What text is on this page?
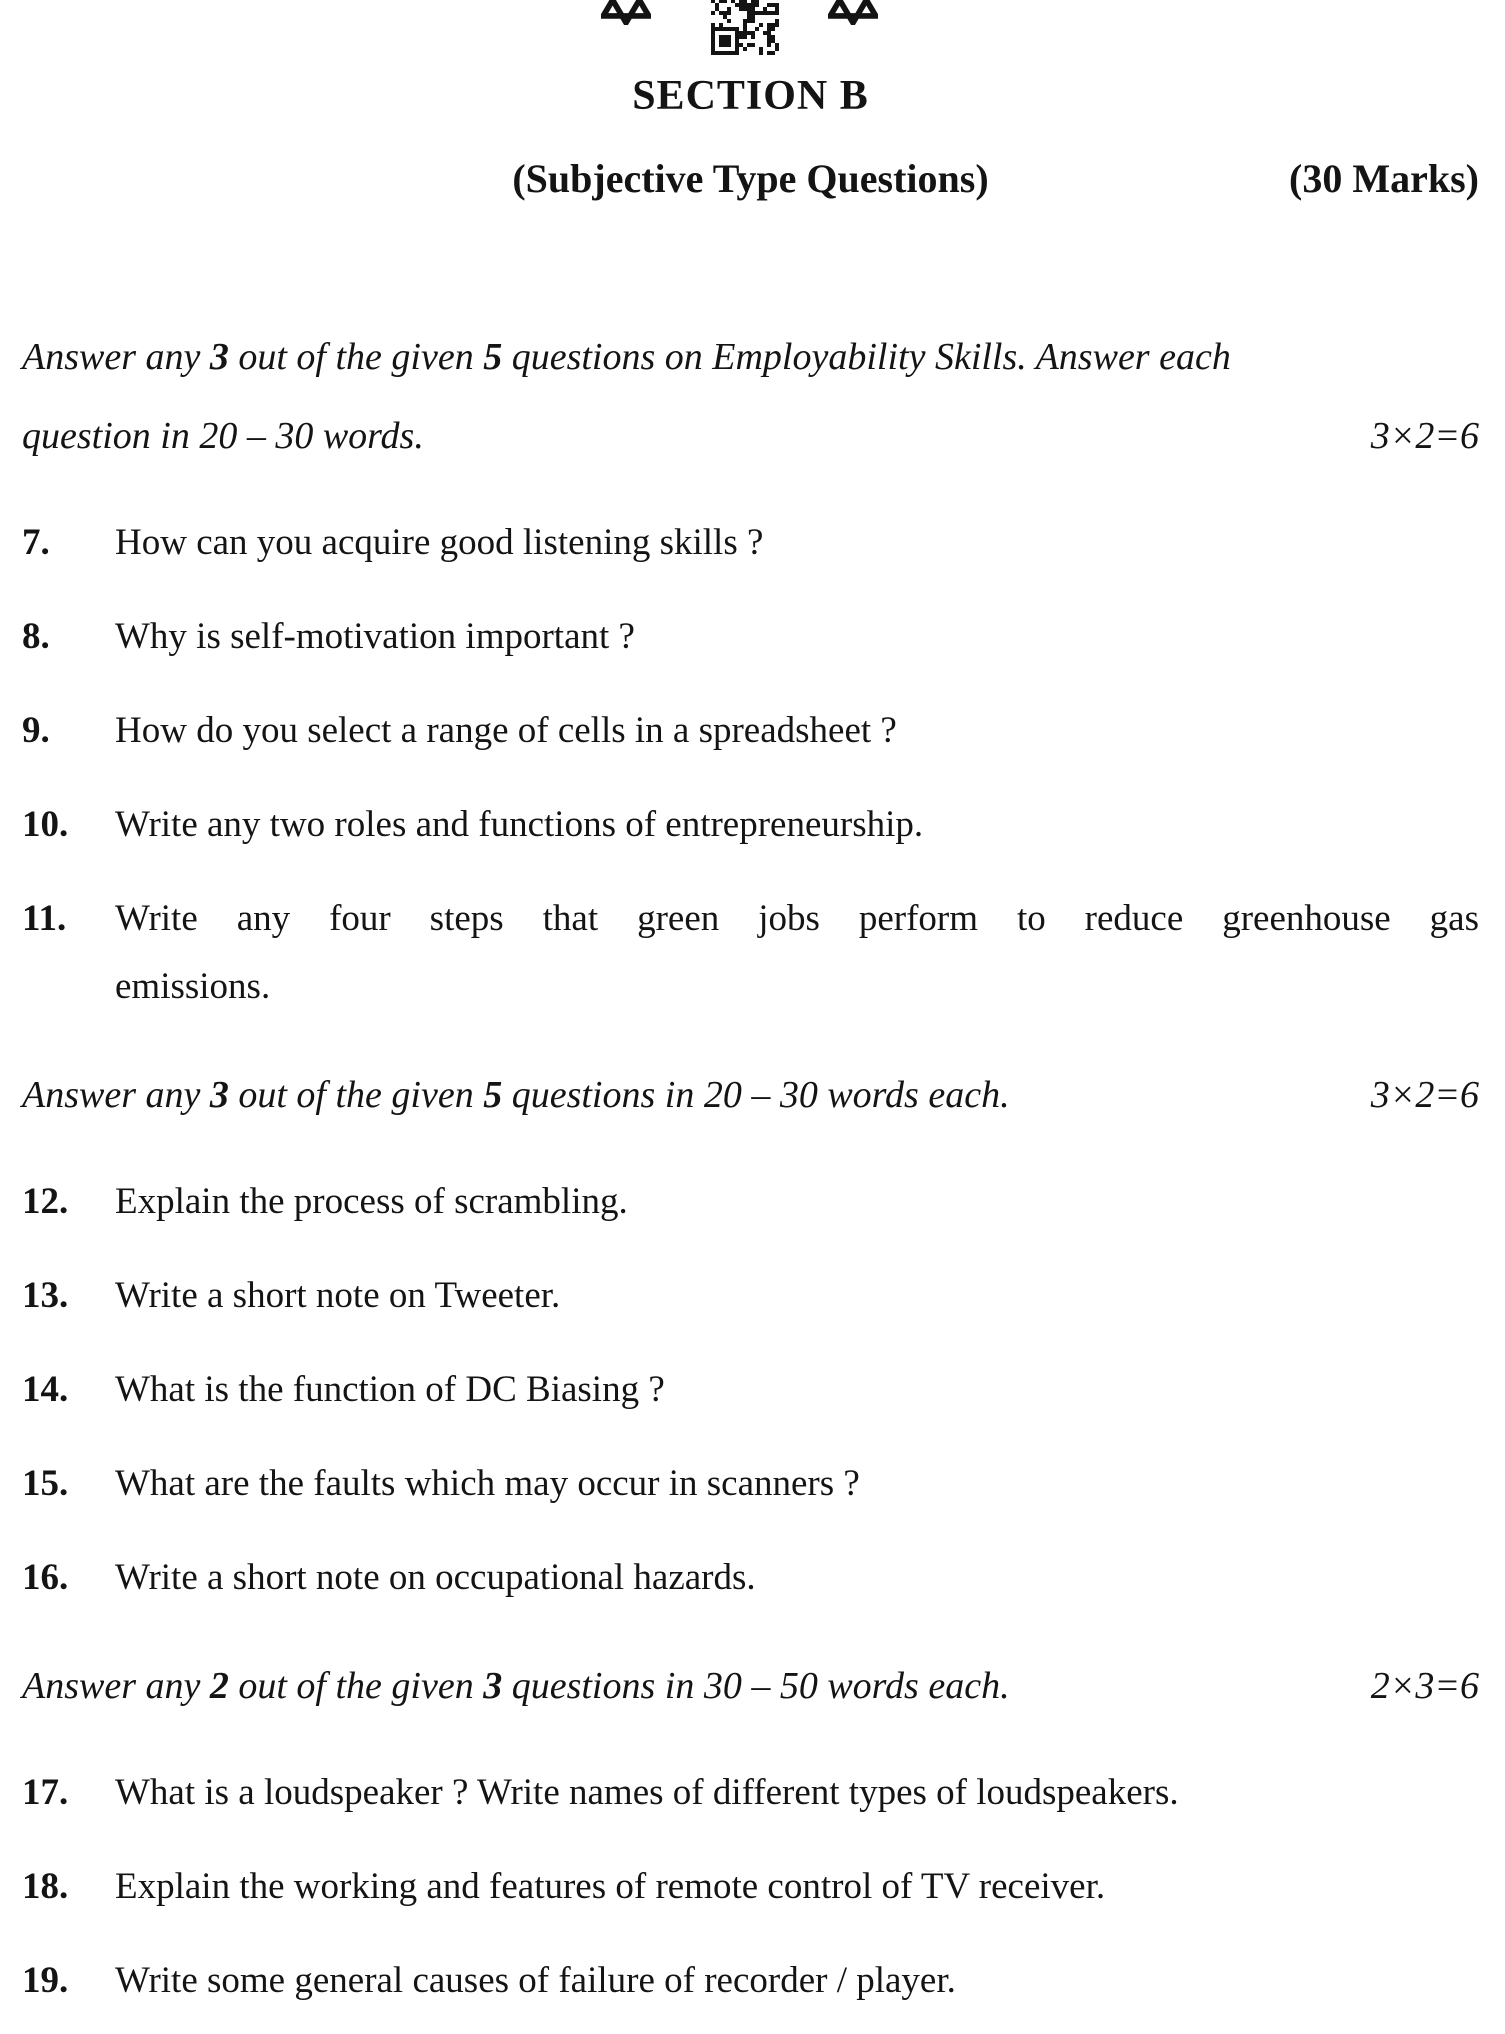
SECTION B
(Subjective Type Questions)	(30 Marks)
Answer any 3 out of the given 5 questions on Employability Skills. Answer each
question in 20 – 30 words.	3×2=6
7.	How can you acquire good listening skills ?
8.	Why is self-motivation important ?
9.	How do you select a range of cells in a spreadsheet ?
10.	Write any two roles and functions of entrepreneurship.
11.	Write any four steps that green jobs perform to reduce greenhouse gas
emissions.
Answer any 3 out of the given 5 questions in 20 – 30 words each.	3×2=6
12.	Explain the process of scrambling.
13.	Write a short note on Tweeter.
14.	What is the function of DC Biasing ?
15.	What are the faults which may occur in scanners ?
16.	Write a short note on occupational hazards.
Answer any 2 out of the given 3 questions in 30 – 50 words each.	2×3=6
17.	What is a loudspeaker ? Write names of different types of loudspeakers.
18.	Explain the working and features of remote control of TV receiver.
19.	Write some general causes of failure of recorder / player.
